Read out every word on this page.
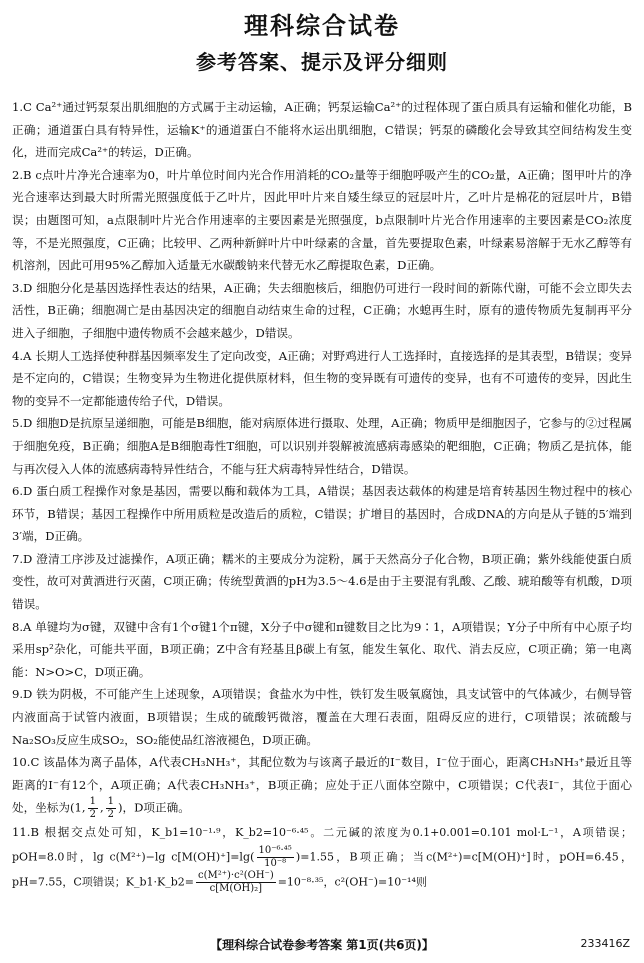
理科综合试卷
参考答案、提示及评分细则

1.C Ca²⁺通过钙泵泵出肌细胞的方式属于主动运输，A正确；钙泵运输Ca²⁺的过程体现了蛋白质具有运输和催化功能，B正确；通道蛋白具有特异性，运输K⁺的通道蛋白不能将水运出肌细胞，C错误；钙泵的磷酸化会导致其空间结构发生变化，进而完成Ca²⁺的转运，D正确。

2.B c点叶片净光合速率为0，叶片单位时间内光合作用消耗的CO₂量等于细胞呼吸产生的CO₂量，A正确；图甲叶片的净光合速率达到最大时所需光照强度低于乙叶片，因此甲叶片来自矮生绿豆的冠层叶片，乙叶片是棉花的冠层叶片，B错误；由题图可知，a点限制叶片光合作用速率的主要因素是光照强度，b点限制叶片光合作用速率的主要因素是CO₂浓度等，不是光照强度，C正确；比较甲、乙两种新鲜叶片中叶绿素的含量，首先要提取色素，叶绿素易溶解于无水乙醇等有机溶剂，因此可用95%乙醇加入适量无水碳酸钠来代替无水乙醇提取色素，D正确。

3.D 细胞分化是基因选择性表达的结果，A正确；失去细胞核后，细胞仍可进行一段时间的新陈代谢，可能不会立即失去活性，B正确；细胞凋亡是由基因决定的细胞自动结束生命的过程，C正确；水螅再生时，原有的遗传物质先复制再平分进入子细胞，子细胞中遗传物质不会越来越少，D错误。

4.A 长期人工选择使种群基因频率发生了定向改变，A正确；对野鸡进行人工选择时，直接选择的是其表型，B错误；变异是不定向的，C错误；生物变异为生物进化提供原材料，但生物的变异既有可遗传的变异，也有不可遗传的变异，因此生物的变异不一定都能遗传给子代，D错误。

5.D 细胞D是抗原呈递细胞，可能是B细胞，能对病原体进行摄取、处理，A正确；物质甲是细胞因子，它参与的②过程属于细胞免疫，B正确；细胞A是B细胞毒性T细胞，可以识别并裂解被流感病毒感染的靶细胞，C正确；物质乙是抗体，能与再次侵入人体的流感病毒特异性结合，不能与狂犬病毒特异性结合，D错误。

6.D 蛋白质工程操作对象是基因，需要以酶和载体为工具，A错误；基因表达载体的构建是培育转基因生物过程中的核心环节，B错误；基因工程操作中所用质粒是改造后的质粒，C错误；扩增目的基因时，合成DNA的方向是从子链的5′端到3′端，D正确。

7.D 澄清工序涉及过滤操作，A项正确；糯米的主要成分为淀粉，属于天然高分子化合物，B项正确；紫外线能使蛋白质变性，故可对黄酒进行灭菌，C项正确；传统型黄酒的pH为3.5～4.6是由于主要混有乳酸、乙酸、琥珀酸等有机酸，D项错误。

8.A 单键均为σ键，双键中含有1个σ键1个π键，X分子中σ键和π键数目之比为9∶1，A项错误；Y分子中所有中心原子均采用sp²杂化，可能共平面，B项正确；Z中含有羟基且β碳上有氢，能发生氧化、取代、消去反应，C项正确；第一电离能：N>O>C，D项正确。

9.D 铁为阴极，不可能产生上述现象，A项错误；食盐水为中性，铁钉发生吸氧腐蚀，具支试管中的气体减少，右侧导管内液面高于试管内液面，B项错误；生成的硫酸钙微溶，覆盖在大理石表面，阻碍反应的进行，C项错误；浓硫酸与Na₂SO₃反应生成SO₂，SO₂能使品红溶液褪色，D项正确。

10.C 该晶体为离子晶体，A代表CH₃NH₃⁺，其配位数为与该离子最近的I⁻数目，I⁻位于面心，距离CH₃NH₃⁺最近且等距离的I⁻有12个，A项正确；A代表CH₃NH₃⁺，B项正确；应处于正八面体空隙中，C项错误；C代表I⁻，其位于面心处，坐标为(1, $\frac{1}{2}$ , $\frac{1}{2}$ )，D项正确。

11.B 根据交点处可知，K_b1=10⁻¹·⁹，K_b2=10⁻⁶·⁴⁵。二元碱的浓度为0.1+0.001=0.101 mol·L⁻¹，A项错误；pOH=8.0时，lg c(M²⁺)−lg $c[M(OH)^+]=\lg( \frac{\text{10⁻⁶·⁴⁵}}{\text{10⁻⁸}} )=1.55$，B项正确；当c(M²⁺)=c[M(OH)⁺]时，pOH=6.45，pH=7.55，C项错误；K_b1·K_b2= $\frac{\text{c(M²⁺)·c²(OH⁻)}}{\text{c[M(OH)₂]}} =10^{-8}\cdot^{35}$，c²(OH⁻)=10⁻¹⁴则

【理科综合试卷参考答案 第1页(共6页)】	233416Z
